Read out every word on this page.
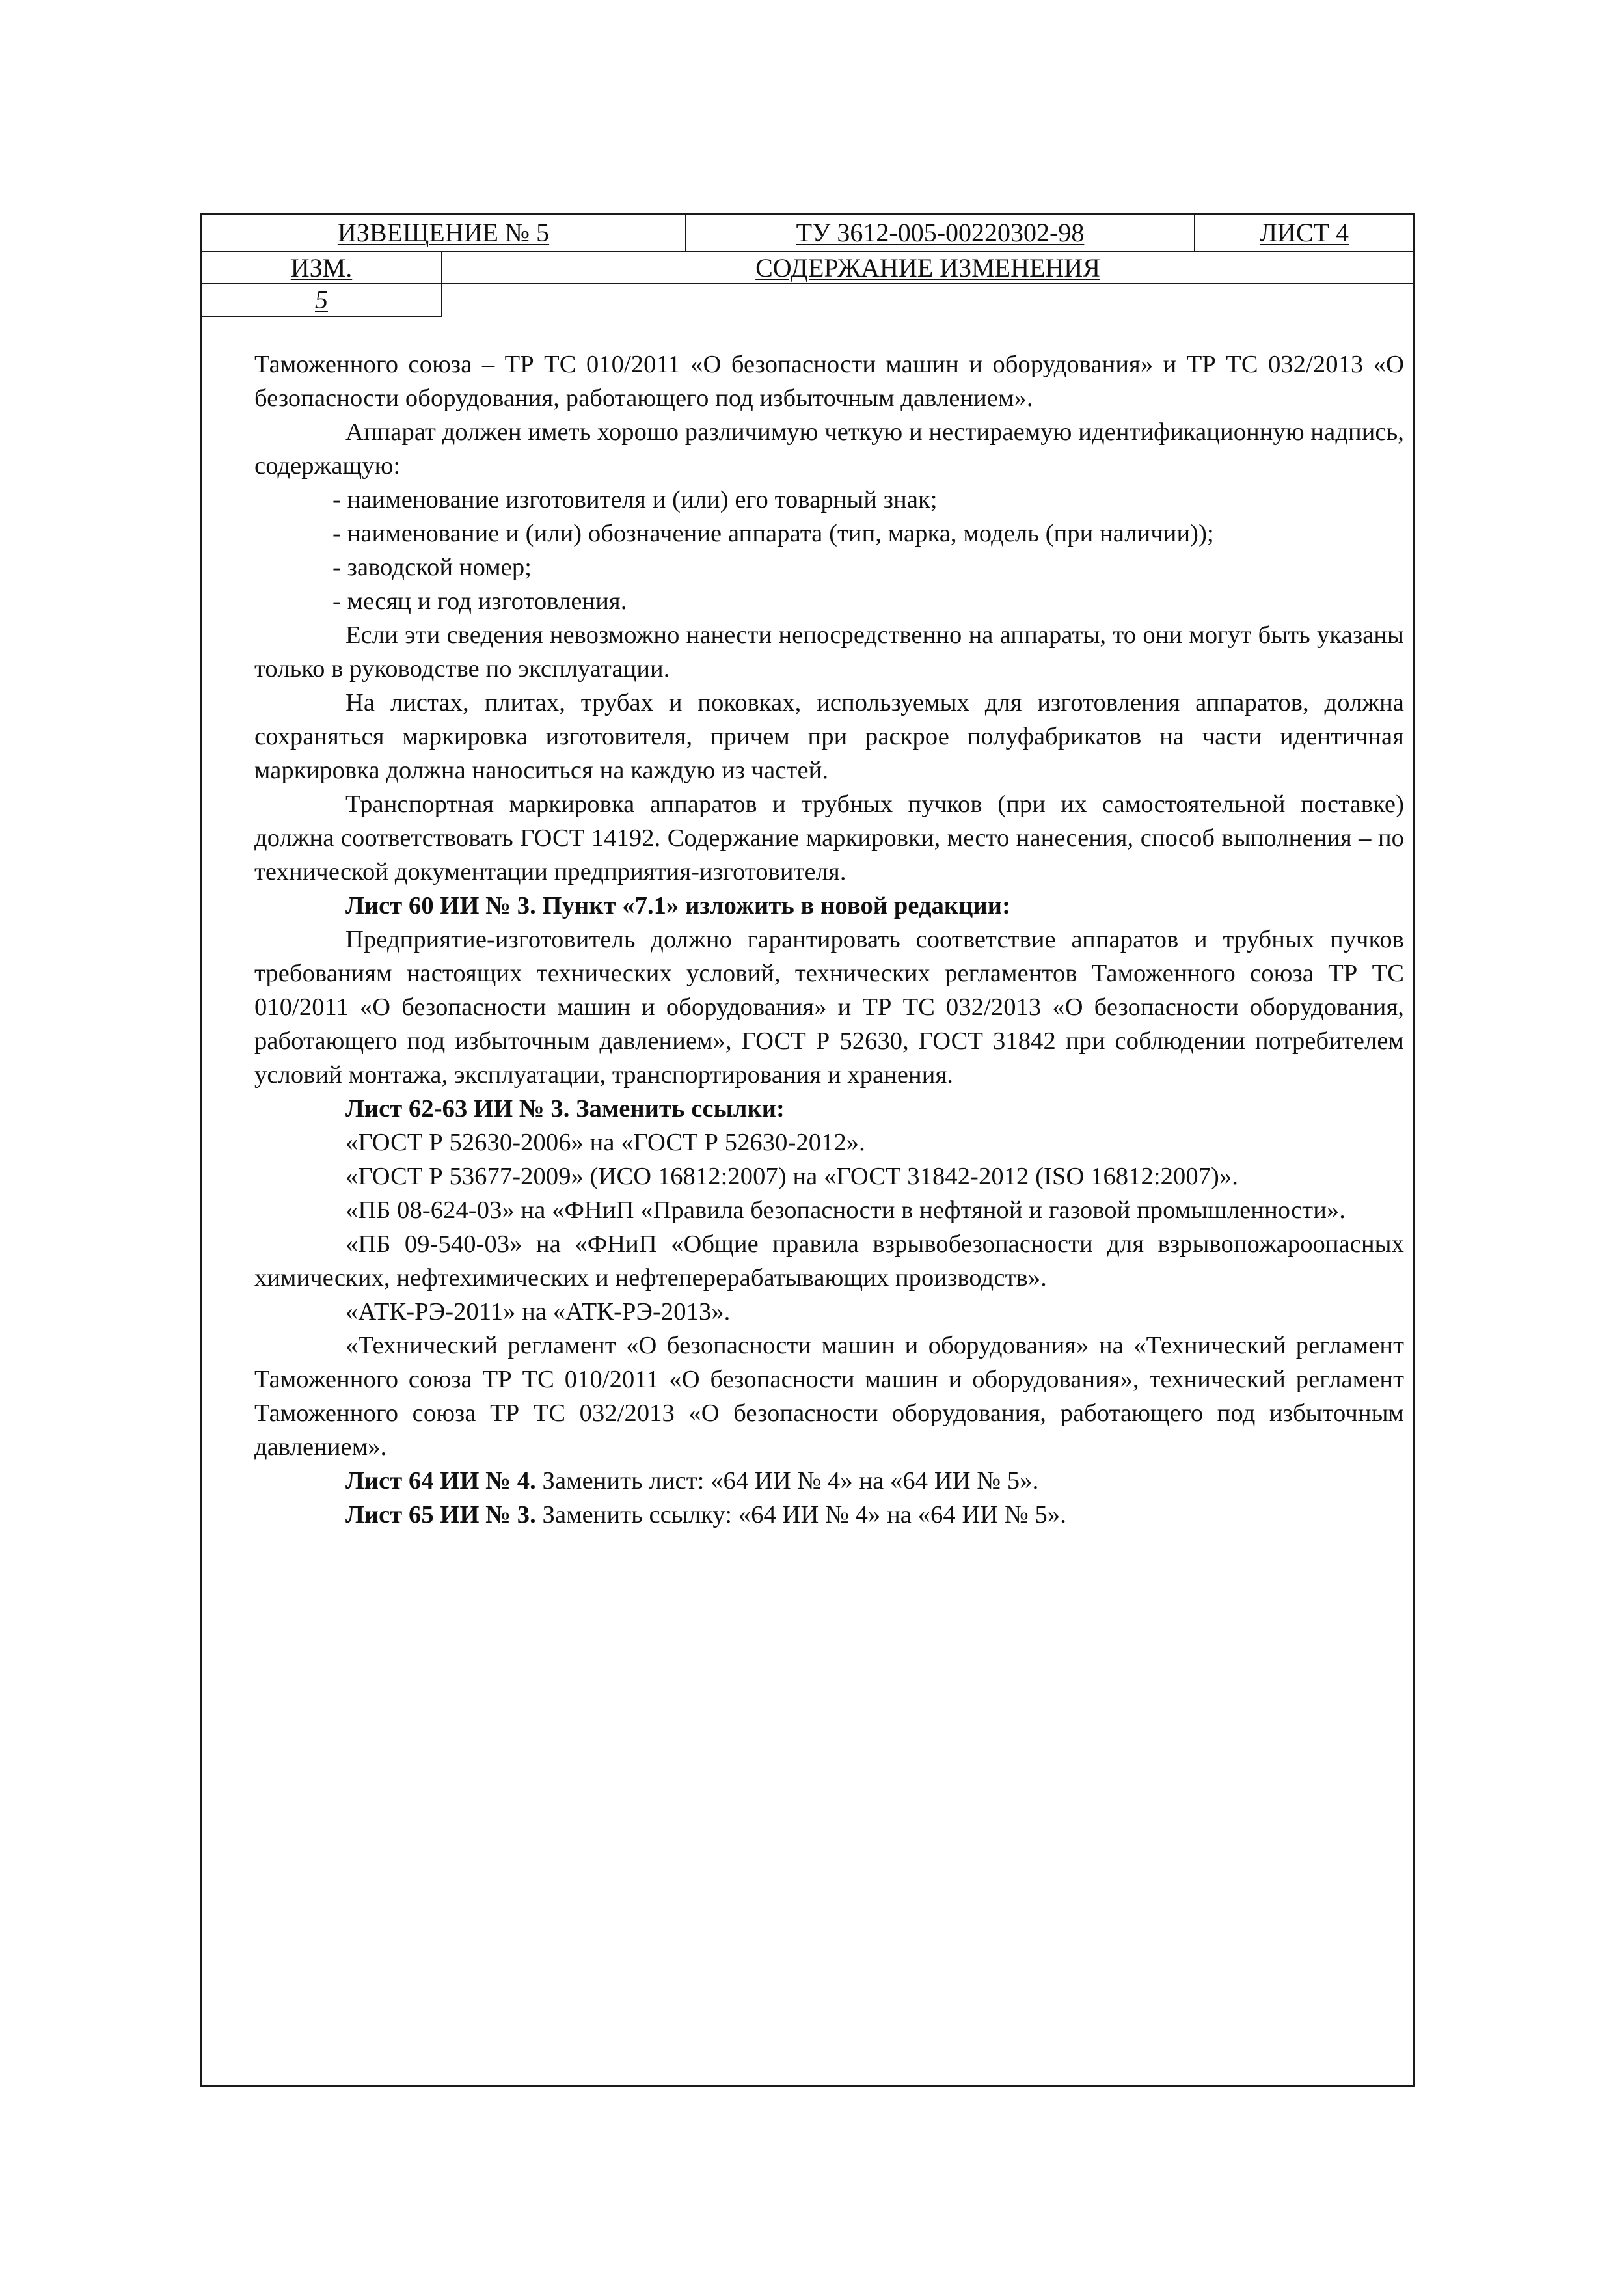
ИЗВЕЩЕНИЕ № 5	ТУ 3612-005-00220302-98	ЛИСТ 4
ИЗМ.	СОДЕРЖАНИЕ ИЗМЕНЕНИЯ
5

Таможенного союза – ТР ТС 010/2011 «О безопасности машин и оборудования» и ТР ТС 032/2013 «О безопасности оборудования, работающего под избыточным давлением».

Аппарат должен иметь хорошо различимую четкую и нестираемую идентификационную надпись, содержащую:

- наименование изготовителя и (или) его товарный знак;

- наименование и (или) обозначение аппарата (тип, марка, модель (при наличии));

- заводской номер;

- месяц и год изготовления.

Если эти сведения невозможно нанести непосредственно на аппараты, то они могут быть указаны только в руководстве по эксплуатации.

На листах, плитах, трубах и поковках, используемых для изготовления аппаратов, должна сохраняться маркировка изготовителя, причем при раскрое полуфабрикатов на части идентичная маркировка должна наноситься на каждую из частей.

Транспортная маркировка аппаратов и трубных пучков (при их самостоятельной поставке) должна соответствовать ГОСТ 14192. Содержание маркировки, место нанесения, способ выполнения – по технической документации предприятия-изготовителя.

Лист 60 ИИ № 3. Пункт «7.1» изложить в новой редакции:

Предприятие-изготовитель должно гарантировать соответствие аппаратов и трубных пучков требованиям настоящих технических условий, технических регламентов Таможенного союза ТР ТС 010/2011 «О безопасности машин и оборудования» и ТР ТС 032/2013 «О безопасности оборудования, работающего под избыточным давлением», ГОСТ Р 52630, ГОСТ 31842 при соблюдении потребителем условий монтажа, эксплуатации, транспортирования и хранения.

Лист 62-63 ИИ № 3. Заменить ссылки:

«ГОСТ Р 52630-2006» на «ГОСТ Р 52630-2012».

«ГОСТ Р 53677-2009» (ИСО 16812:2007) на «ГОСТ 31842-2012 (ISO 16812:2007)».

«ПБ 08-624-03» на «ФНиП «Правила безопасности в нефтяной и газовой промышленности».

«ПБ 09-540-03» на «ФНиП «Общие правила взрывобезопасности для взрывопожароопасных химических, нефтехимических и нефтеперерабатывающих производств».

«АТК-РЭ-2011» на «АТК-РЭ-2013».

«Технический регламент «О безопасности машин и оборудования» на «Технический регламент Таможенного союза ТР ТС 010/2011 «О безопасности машин и оборудования», технический регламент Таможенного союза ТР ТС 032/2013 «О безопасности оборудования, работающего под избыточным давлением».

Лист 64 ИИ № 4. Заменить лист: «64 ИИ № 4» на «64 ИИ № 5».

Лист 65 ИИ № 3. Заменить ссылку: «64 ИИ № 4» на «64 ИИ № 5».
